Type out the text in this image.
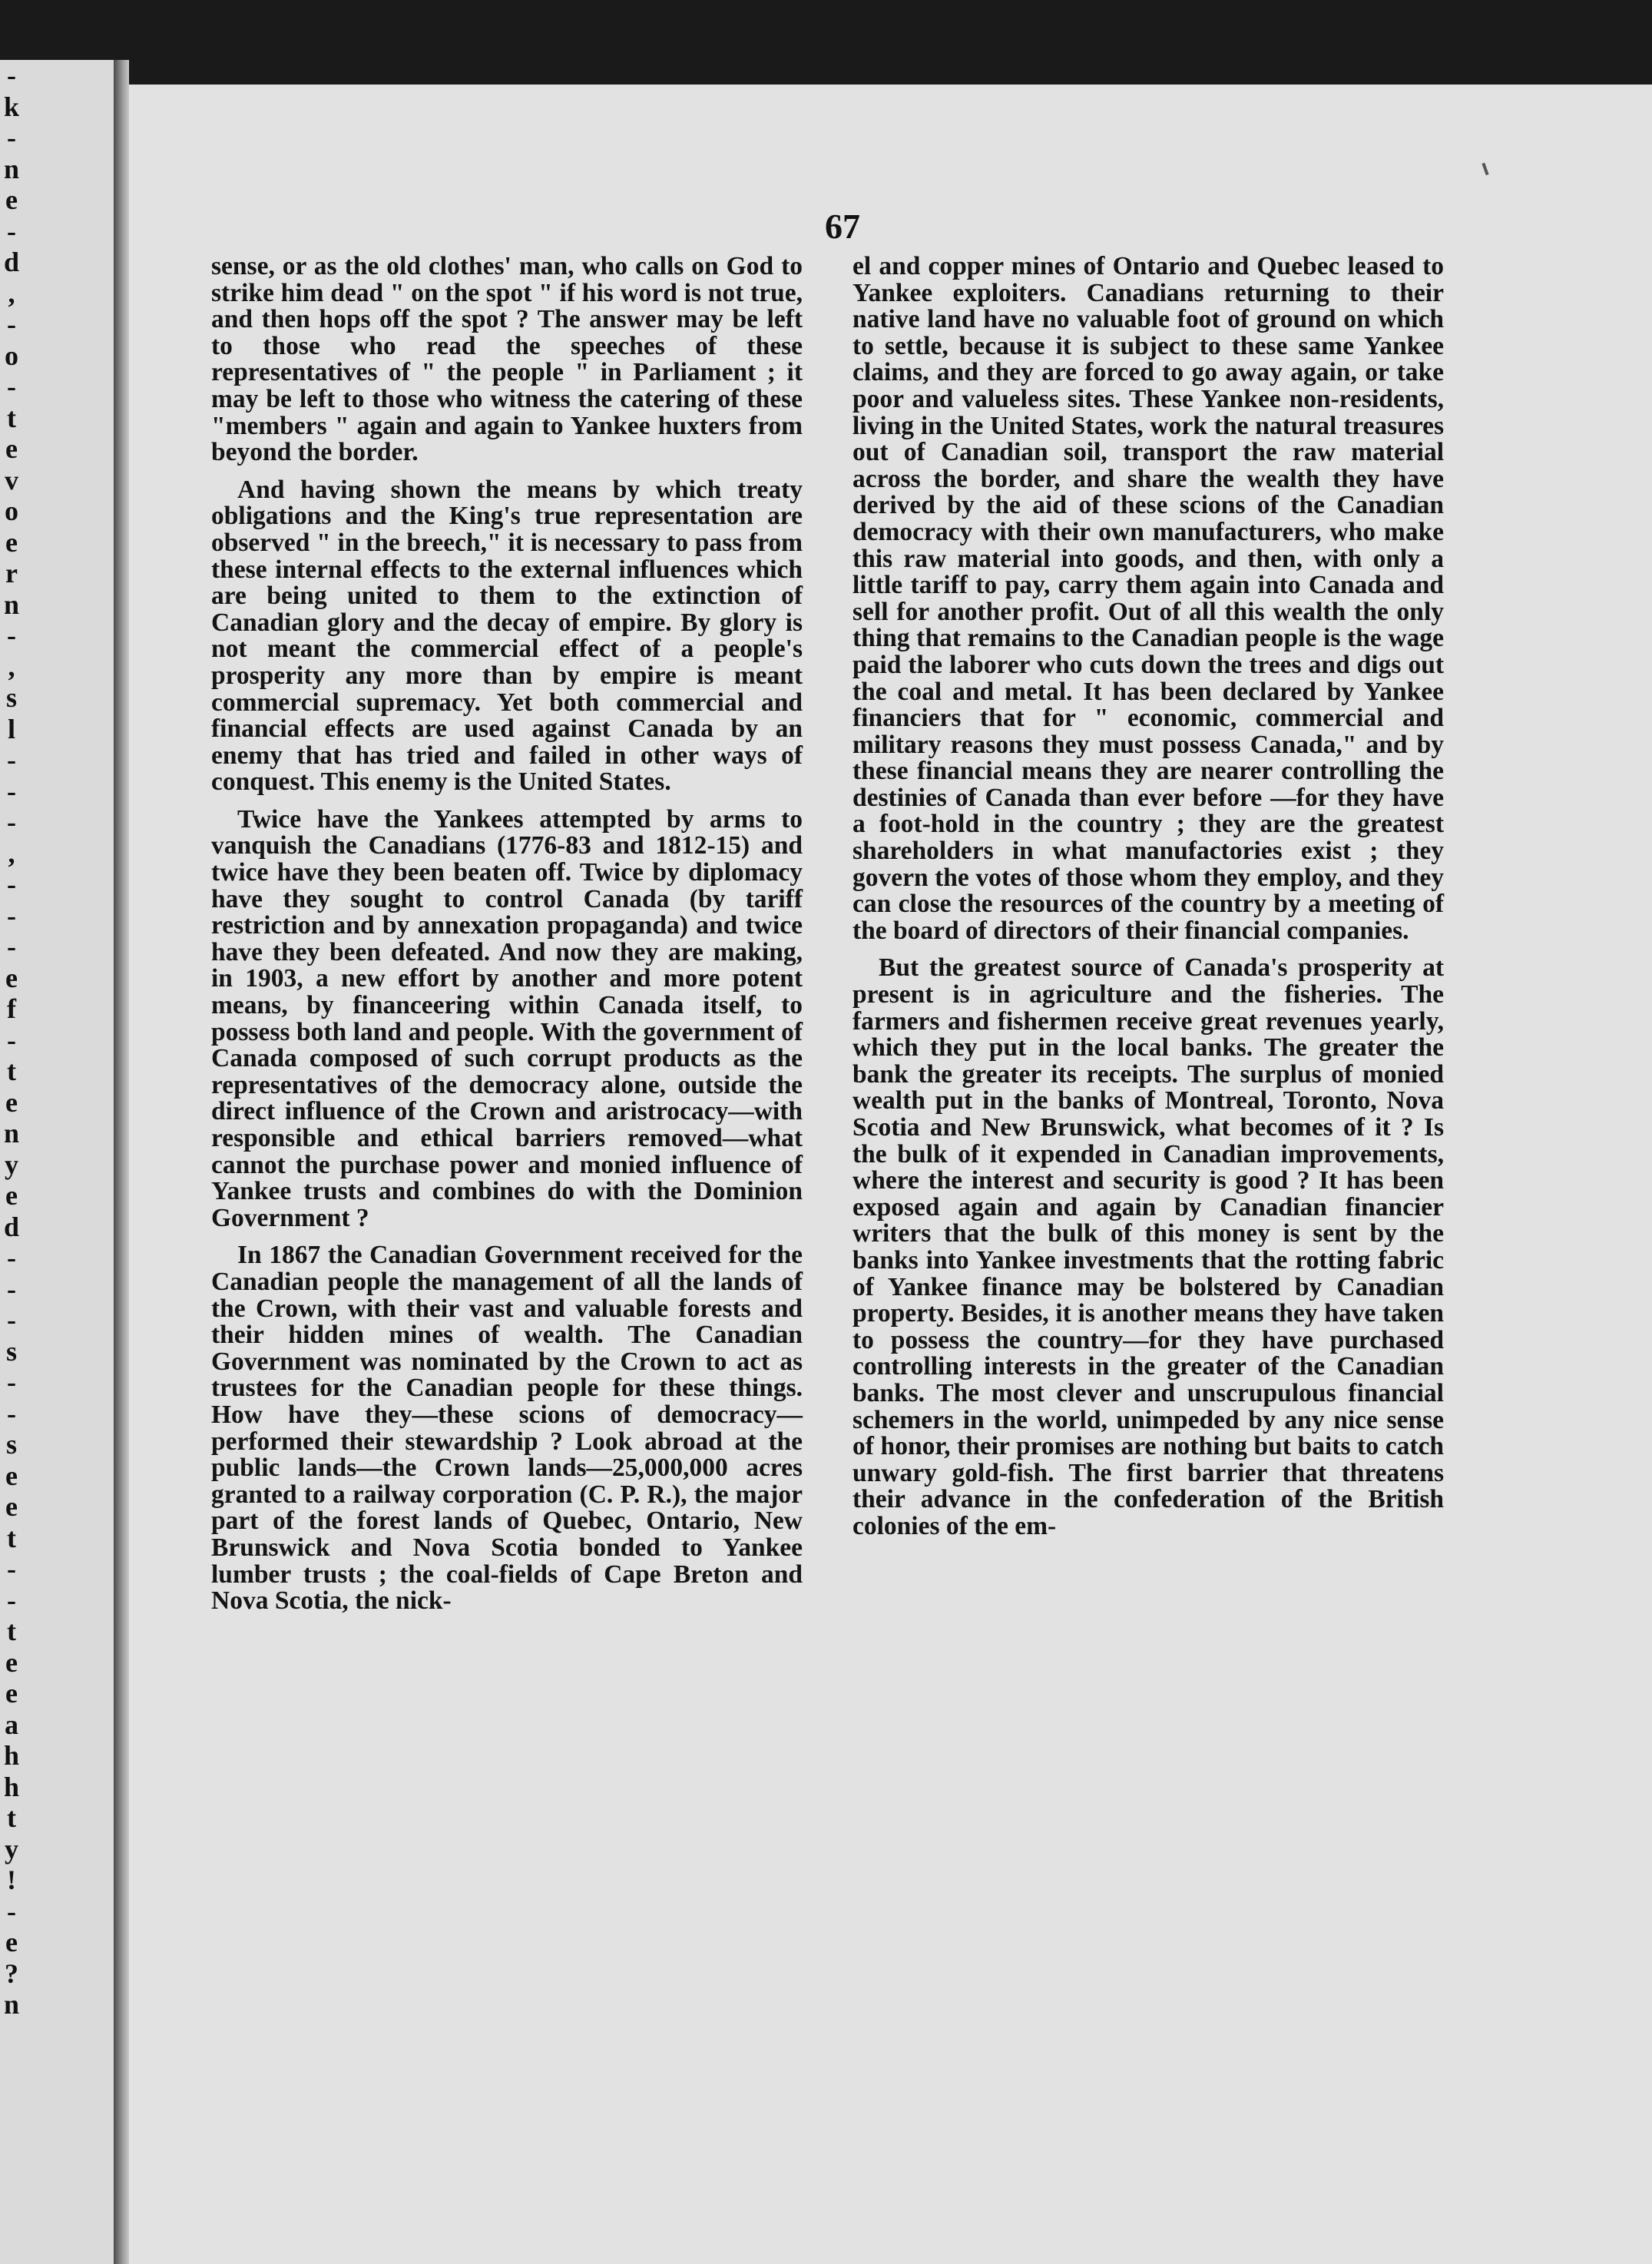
-
k
-
n
e
-
d
,
-
o
-
t
e
v
o
e
r
n
-
,
s
l
-
-
-
,
-
-
-
e
f
-
t
e
n
y
e
d
-
-
-
s
-
-
s
e
e
t
-
-
t
e
e
a
h
h
t
y
!
-
e
?
n
67

sense, or as the old clothes' man, who calls on God to strike him dead " on the spot " if his word is not true, and then hops off the spot ? The answer may be left to those who read the speeches of these representatives of " the people " in Parliament ; it may be left to those who witness the catering of these "members " again and again to Yankee huxters from beyond the border.

And having shown the means by which treaty obligations and the King's true representation are observed " in the breech," it is necessary to pass from these internal effects to the external influences which are being united to them to the extinction of Canadian glory and the decay of empire. By glory is not meant the commercial effect of a people's prosperity any more than by empire is meant commercial supremacy. Yet both commercial and financial effects are used against Canada by an enemy that has tried and failed in other ways of conquest. This enemy is the United States.

Twice have the Yankees attempted by arms to vanquish the Canadians (1776-83 and 1812-15) and twice have they been beaten off. Twice by diplomacy have they sought to control Canada (by tariff restriction and by annexation propaganda) and twice have they been defeated. And now they are making, in 1903, a new effort by another and more potent means, by financeering within Canada itself, to possess both land and people. With the government of Canada composed of such corrupt products as the representatives of the democracy alone, outside the direct influence of the Crown and aristrocacy—with responsible and ethical barriers removed—what cannot the purchase power and monied influence of Yankee trusts and combines do with the Dominion Government ?

In 1867 the Canadian Government received for the Canadian people the management of all the lands of the Crown, with their vast and valuable forests and their hidden mines of wealth. The Canadian Government was nominated by the Crown to act as trustees for the Canadian people for these things. How have they—these scions of democracy—performed their stewardship ? Look abroad at the public lands—the Crown lands—25,000,000 acres granted to a railway corporation (C. P. R.), the major part of the forest lands of Quebec, Ontario, New Brunswick and Nova Scotia bonded to Yankee lumber trusts ; the coal-fields of Cape Breton and Nova Scotia, the nick-

el and copper mines of Ontario and Quebec leased to Yankee exploiters. Canadians returning to their native land have no valuable foot of ground on which to settle, because it is subject to these same Yankee claims, and they are forced to go away again, or take poor and valueless sites. These Yankee non-residents, living in the United States, work the natural treasures out of Canadian soil, transport the raw material across the border, and share the wealth they have derived by the aid of these scions of the Canadian democracy with their own manufacturers, who make this raw material into goods, and then, with only a little tariff to pay, carry them again into Canada and sell for another profit. Out of all this wealth the only thing that remains to the Canadian people is the wage paid the laborer who cuts down the trees and digs out the coal and metal. It has been declared by Yankee financiers that for " economic, commercial and military reasons they must possess Canada," and by these financial means they are nearer controlling the destinies of Canada than ever before —for they have a foot-hold in the country ; they are the greatest shareholders in what manufactories exist ; they govern the votes of those whom they employ, and they can close the resources of the country by a meeting of the board of directors of their financial companies.

But the greatest source of Canada's prosperity at present is in agriculture and the fisheries. The farmers and fishermen receive great revenues yearly, which they put in the local banks. The greater the bank the greater its receipts. The surplus of monied wealth put in the banks of Montreal, Toronto, Nova Scotia and New Brunswick, what becomes of it ? Is the bulk of it expended in Canadian improvements, where the interest and security is good ? It has been exposed again and again by Canadian financier writers that the bulk of this money is sent by the banks into Yankee investments that the rotting fabric of Yankee finance may be bolstered by Canadian property. Besides, it is another means they have taken to possess the country—for they have purchased controlling interests in the greater of the Canadian banks. The most clever and unscrupulous financial schemers in the world, unimpeded by any nice sense of honor, their promises are nothing but baits to catch unwary gold-fish. The first barrier that threatens their advance in the confederation of the British colonies of the em-
